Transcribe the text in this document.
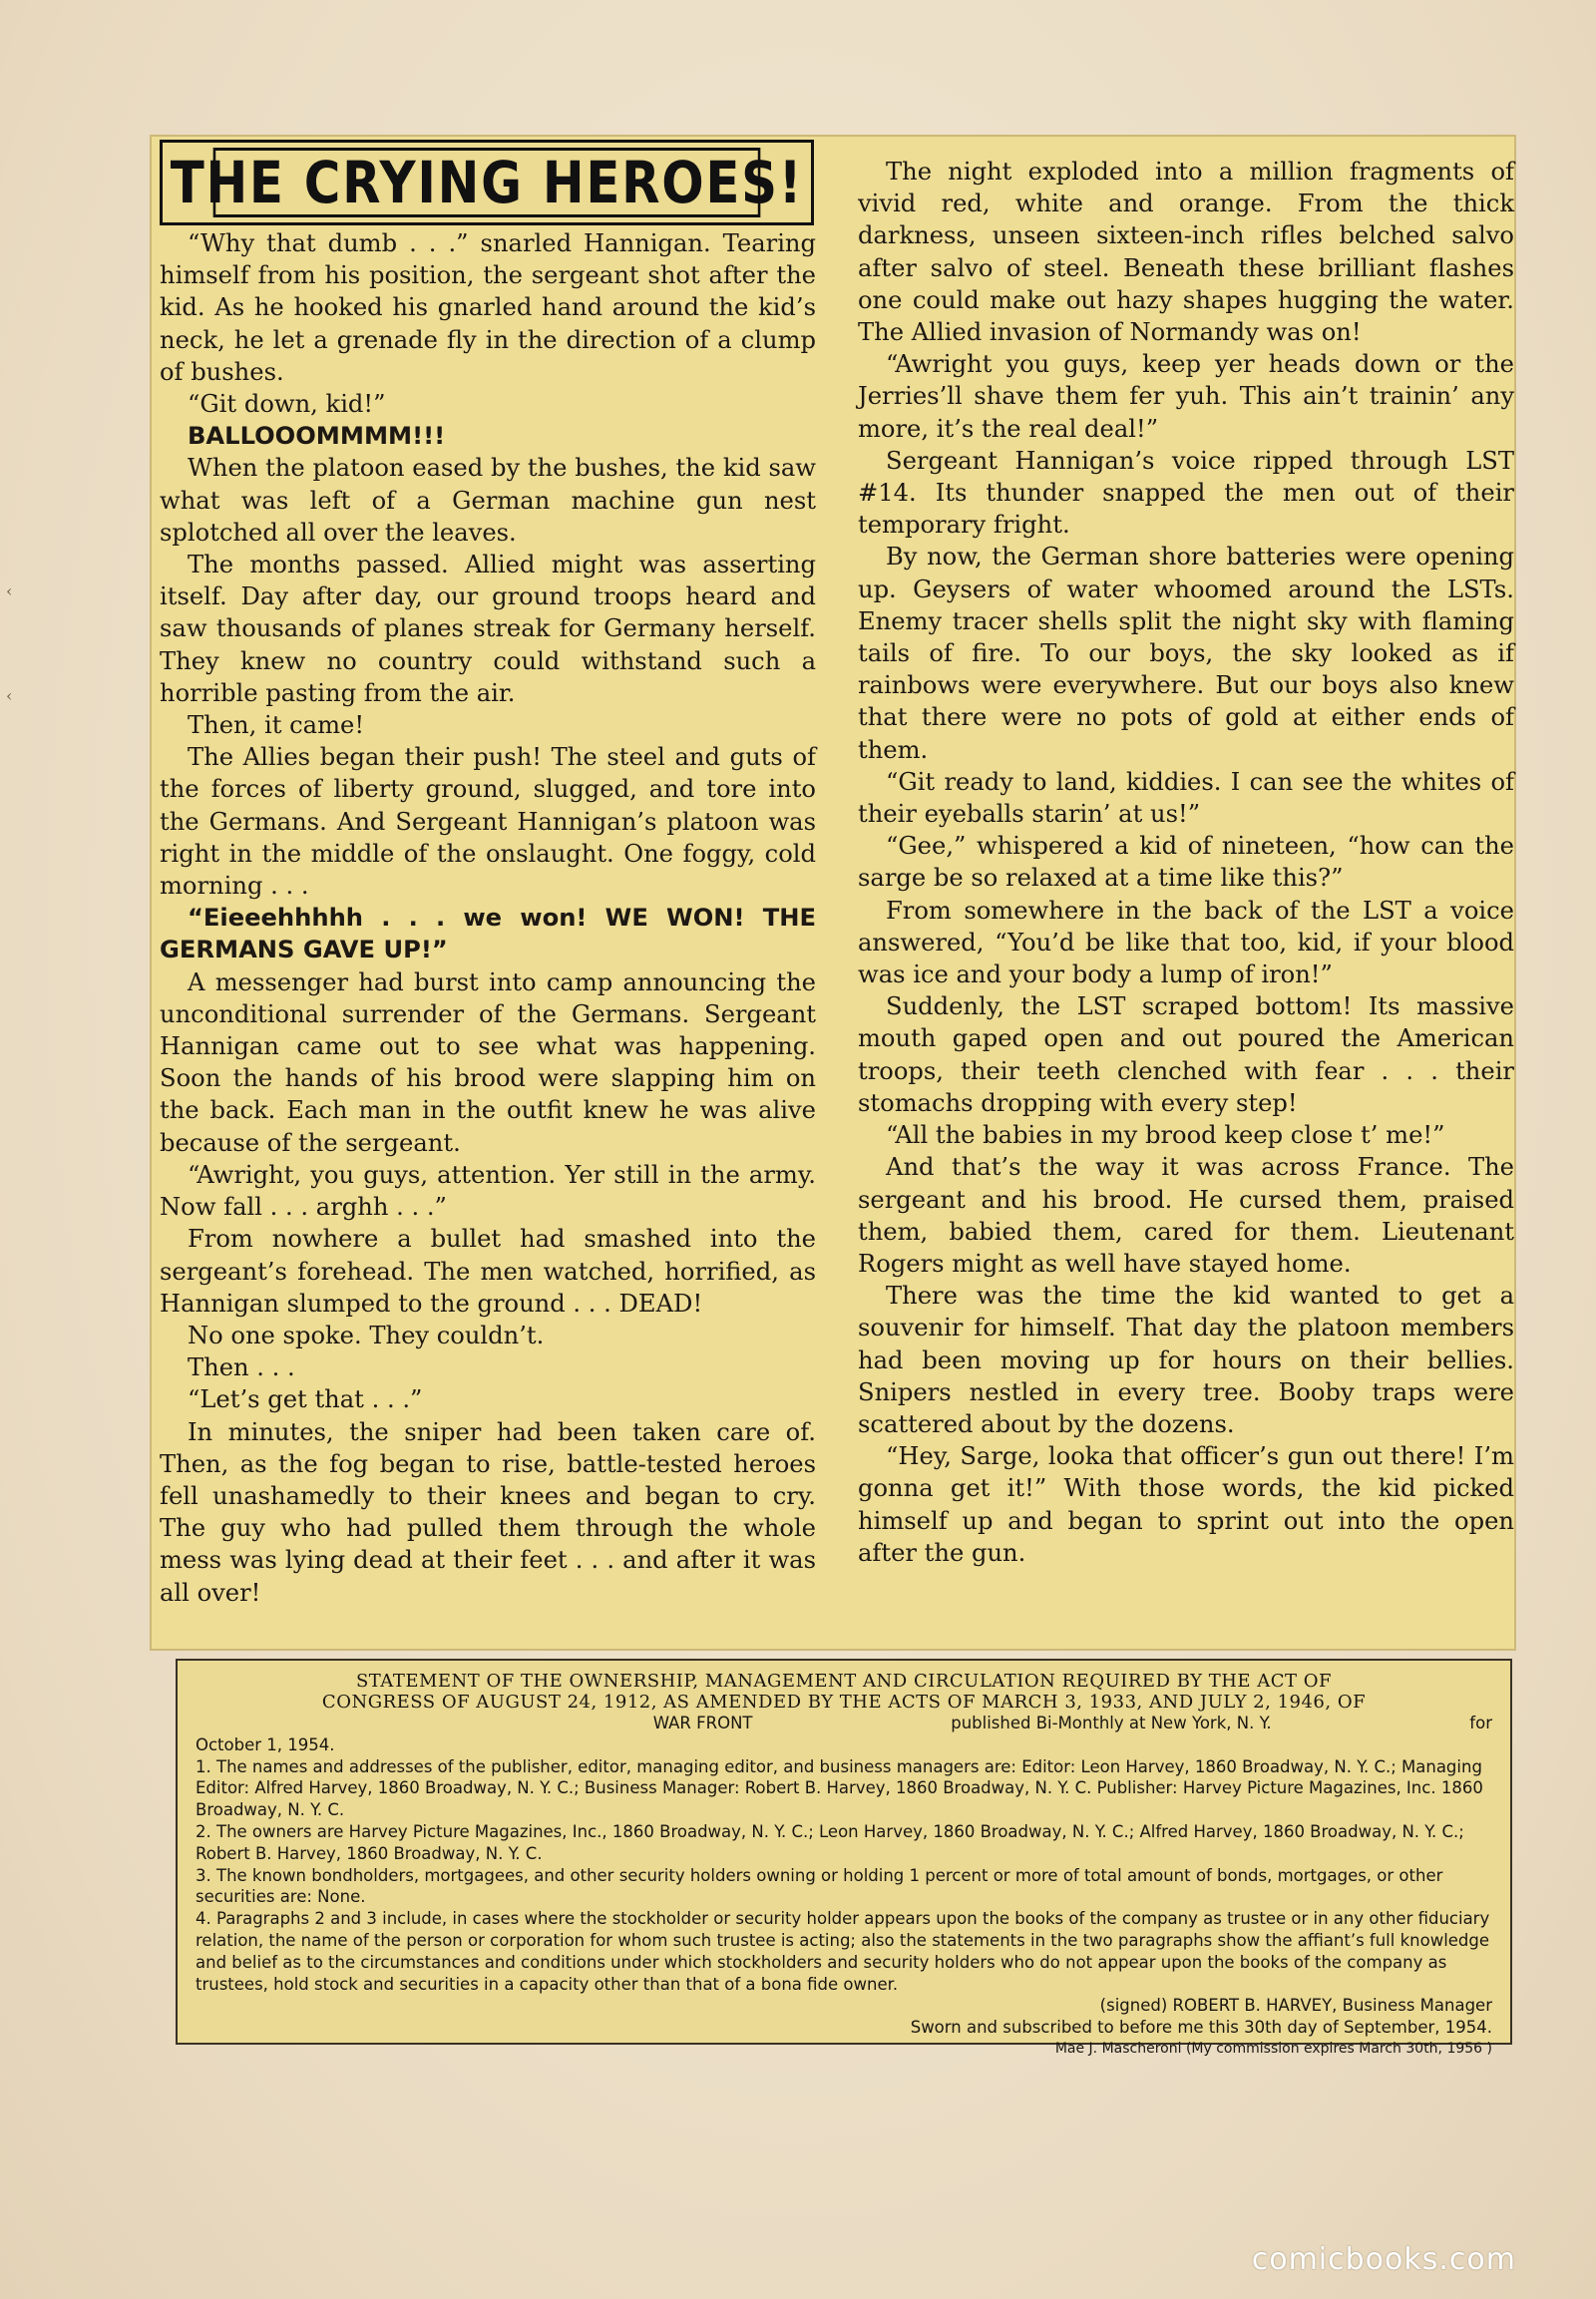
‹
‹
THE CRYING HEROES!

“Why that dumb . . .” snarled Hannigan. Tearing himself from his position, the sergeant shot after the kid. As he hooked his gnarled hand around the kid’s neck, he let a grenade fly in the direction of a clump of bushes.

“Git down, kid!”

BALLOOOMMMM!!!

When the platoon eased by the bushes, the kid saw what was left of a German machine gun nest splotched all over the leaves.

The months passed. Allied might was asserting itself. Day after day, our ground troops heard and saw thousands of planes streak for Germany herself. They knew no country could withstand such a horrible pasting from the air.

Then, it came!

The Allies began their push! The steel and guts of the forces of liberty ground, slugged, and tore into the Germans. And Sergeant Hannigan’s platoon was right in the middle of the onslaught. One foggy, cold morning . . .

“Eieeehhhhh . . . we won! WE WON! THE GERMANS GAVE UP!”

A messenger had burst into camp announcing the unconditional surrender of the Germans. Sergeant Hannigan came out to see what was happening. Soon the hands of his brood were slapping him on the back. Each man in the outfit knew he was alive because of the sergeant.

“Awright, you guys, attention. Yer still in the army. Now fall . . . arghh . . .”

From nowhere a bullet had smashed into the sergeant’s forehead. The men watched, horrified, as Hannigan slumped to the ground . . . DEAD!

No one spoke. They couldn’t.

Then . . .

“Let’s get that . . .”

In minutes, the sniper had been taken care of. Then, as the fog began to rise, battle-tested heroes fell unashamedly to their knees and began to cry. The guy who had pulled them through the whole mess was lying dead at their feet . . . and after it was all over!

The night exploded into a million fragments of vivid red, white and orange. From the thick darkness, unseen sixteen-inch rifles belched salvo after salvo of steel. Beneath these brilliant flashes one could make out hazy shapes hugging the water. The Allied invasion of Normandy was on!

“Awright you guys, keep yer heads down or the Jerries’ll shave them fer yuh. This ain’t trainin’ any more, it’s the real deal!”

Sergeant Hannigan’s voice ripped through LST #14. Its thunder snapped the men out of their temporary fright.

By now, the German shore batteries were opening up. Geysers of water whoomed around the LSTs. Enemy tracer shells split the night sky with flaming tails of fire. To our boys, the sky looked as if rainbows were everywhere. But our boys also knew that there were no pots of gold at either ends of them.

“Git ready to land, kiddies. I can see the whites of their eyeballs starin’ at us!”

“Gee,” whispered a kid of nineteen, “how can the sarge be so relaxed at a time like this?”

From somewhere in the back of the LST a voice answered, “You’d be like that too, kid, if your blood was ice and your body a lump of iron!”

Suddenly, the LST scraped bottom! Its massive mouth gaped open and out poured the American troops, their teeth clenched with fear . . . their stomachs dropping with every step!

“All the babies in my brood keep close t’ me!”

And that’s the way it was across France. The sergeant and his brood. He cursed them, praised them, babied them, cared for them. Lieutenant Rogers might as well have stayed home.

There was the time the kid wanted to get a souvenir for himself. That day the platoon members had been moving up for hours on their bellies. Snipers nestled in every tree. Booby traps were scattered about by the dozens.

“Hey, Sarge, looka that officer’s gun out there! I’m gonna get it!” With those words, the kid picked himself up and began to sprint out into the open after the gun.

STATEMENT OF THE OWNERSHIP, MANAGEMENT AND CIRCULATION REQUIRED BY THE ACT OF
CONGRESS OF AUGUST 24, 1912, AS AMENDED BY THE ACTS OF MARCH 3, 1933, AND JULY 2, 1946, OF
WAR FRONT	published Bi-Monthly at New York, N. Y.	for

October 1, 1954.

1. The names and addresses of the publisher, editor, managing editor, and business managers are: Editor: Leon Harvey, 1860 Broadway, N. Y. C.; Managing Editor: Alfred Harvey, 1860 Broadway, N. Y. C.; Business Manager: Robert B. Harvey, 1860 Broadway, N. Y. C. Publisher: Harvey Picture Magazines, Inc. 1860 Broadway, N. Y. C.

2. The owners are Harvey Picture Magazines, Inc., 1860 Broadway, N. Y. C.; Leon Harvey, 1860 Broadway, N. Y. C.; Alfred Harvey, 1860 Broadway, N. Y. C.; Robert B. Harvey, 1860 Broadway, N. Y. C.

3. The known bondholders, mortgagees, and other security holders owning or holding 1 percent or more of total amount of bonds, mortgages, or other securities are: None.

4. Paragraphs 2 and 3 include, in cases where the stockholder or security holder appears upon the books of the company as trustee or in any other fiduciary relation, the name of the person or corporation for whom such trustee is acting; also the statements in the two paragraphs show the affiant’s full knowledge and belief as to the circumstances and conditions under which stockholders and security holders who do not appear upon the books of the company as trustees, hold stock and securities in a capacity other than that of a bona fide owner.

(signed) ROBERT B. HARVEY, Business Manager

Sworn and subscribed to before me this 30th day of September, 1954.

Mae J. Mascheroni (My commission expires March 30th, 1956 )

comicbooks.com
